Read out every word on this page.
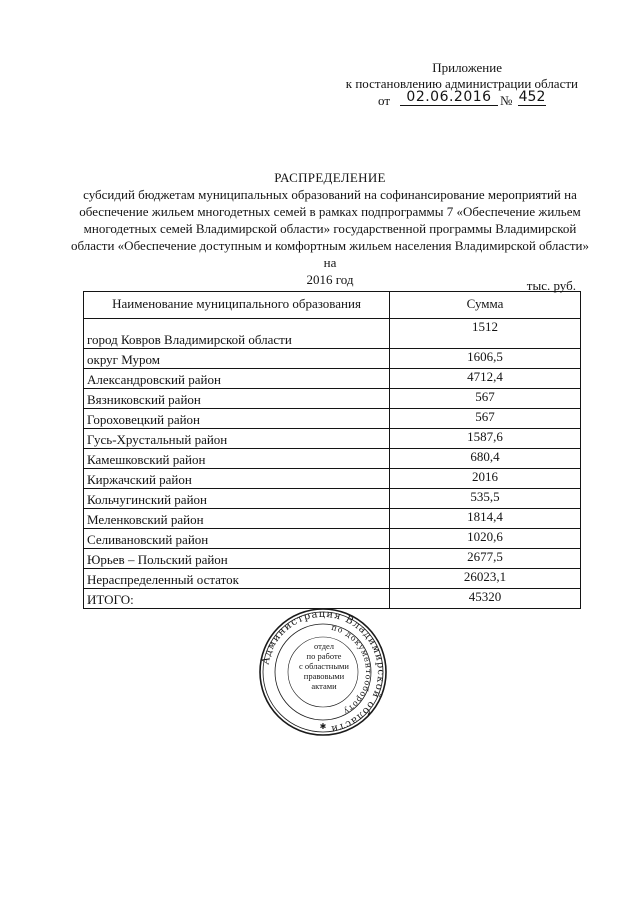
Приложение
к постановлению администрации области
от	02.06.2016 № 452
РАСПРЕДЕЛЕНИЕ
субсидий бюджетам муниципальных образований на софинансирование мероприятий на
обеспечение жильем многодетных семей в рамках подпрограммы 7 «Обеспечение жильем
многодетных семей Владимирской области» государственной программы Владимирской
области «Обеспечение доступным и комфортным жильем населения Владимирской области» на
2016 год	тыс. руб.
Наименование муниципального образования	Сумма
город Ковров Владимирской области	1512
округ Муром	1606,5
Александровский район	4712,4
Вязниковский район	567
Гороховецкий район	567
Гусь-Хрустальный район	1587,6
Камешковский район	680,4
Киржачский район	2016
Кольчугинский район	535,5
Меленковский район	1814,4
Селивановский район	1020,6
Юрьев – Польский район	2677,5
Нераспределенный остаток	26023,1
ИТОГО:	45320
Администрация Владимирской области
по документообороту
✱
отдел
по работе
с областными
правовыми
актами
